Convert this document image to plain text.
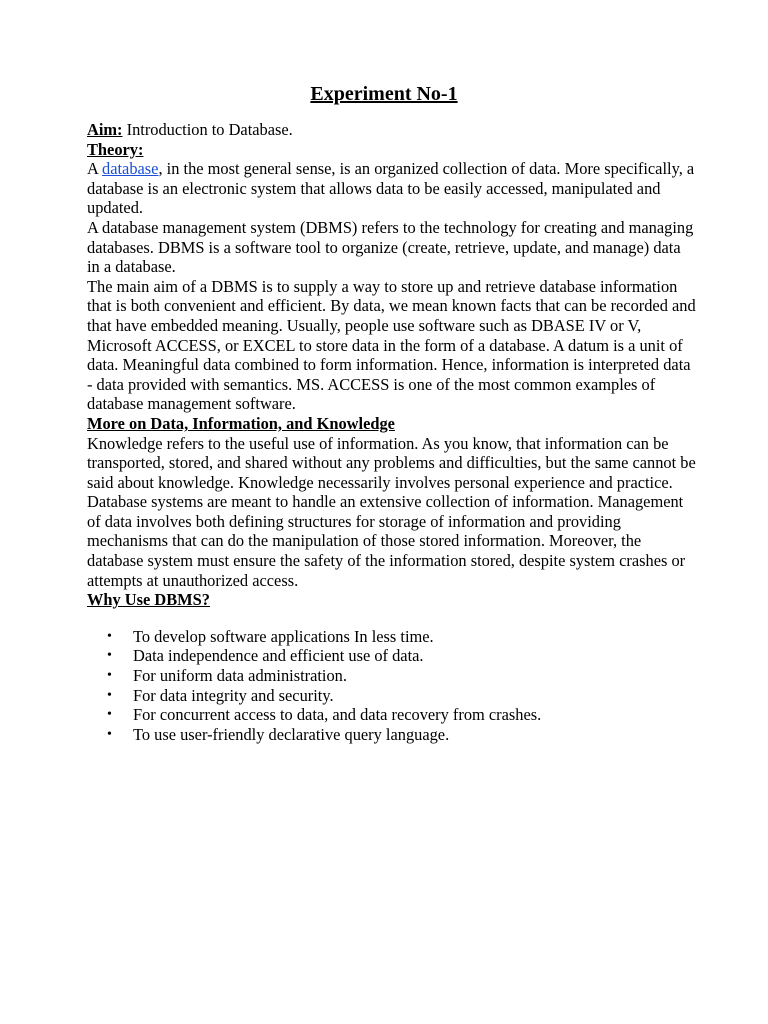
Experiment No-1

Aim: Introduction to Database.

Theory:

A database, in the most general sense, is an organized collection of data. More specifically, a database is an electronic system that allows data to be easily accessed, manipulated and updated.

A database management system (DBMS) refers to the technology for creating and managing databases. DBMS is a software tool to organize (create, retrieve, update, and manage) data in a database.

The main aim of a DBMS is to supply a way to store up and retrieve database information that is both convenient and efficient. By data, we mean known facts that can be recorded and that have embedded meaning. Usually, people use software such as DBASE IV or V, Microsoft ACCESS, or EXCEL to store data in the form of a database. A datum is a unit of data. Meaningful data combined to form information. Hence, information is interpreted data - data provided with semantics. MS. ACCESS is one of the most common examples of database management software.

More on Data, Information, and Knowledge

Knowledge refers to the useful use of information. As you know, that information can be transported, stored, and shared without any problems and difficulties, but the same cannot be said about knowledge. Knowledge necessarily involves personal experience and practice.

Database systems are meant to handle an extensive collection of information. Management of data involves both defining structures for storage of information and providing mechanisms that can do the manipulation of those stored information. Moreover, the database system must ensure the safety of the information stored, despite system crashes or attempts at unauthorized access.

Why Use DBMS?

• To develop software applications In less time.
• Data independence and efficient use of data.
• For uniform data administration.
• For data integrity and security.
• For concurrent access to data, and data recovery from crashes.
• To use user-friendly declarative query language.
